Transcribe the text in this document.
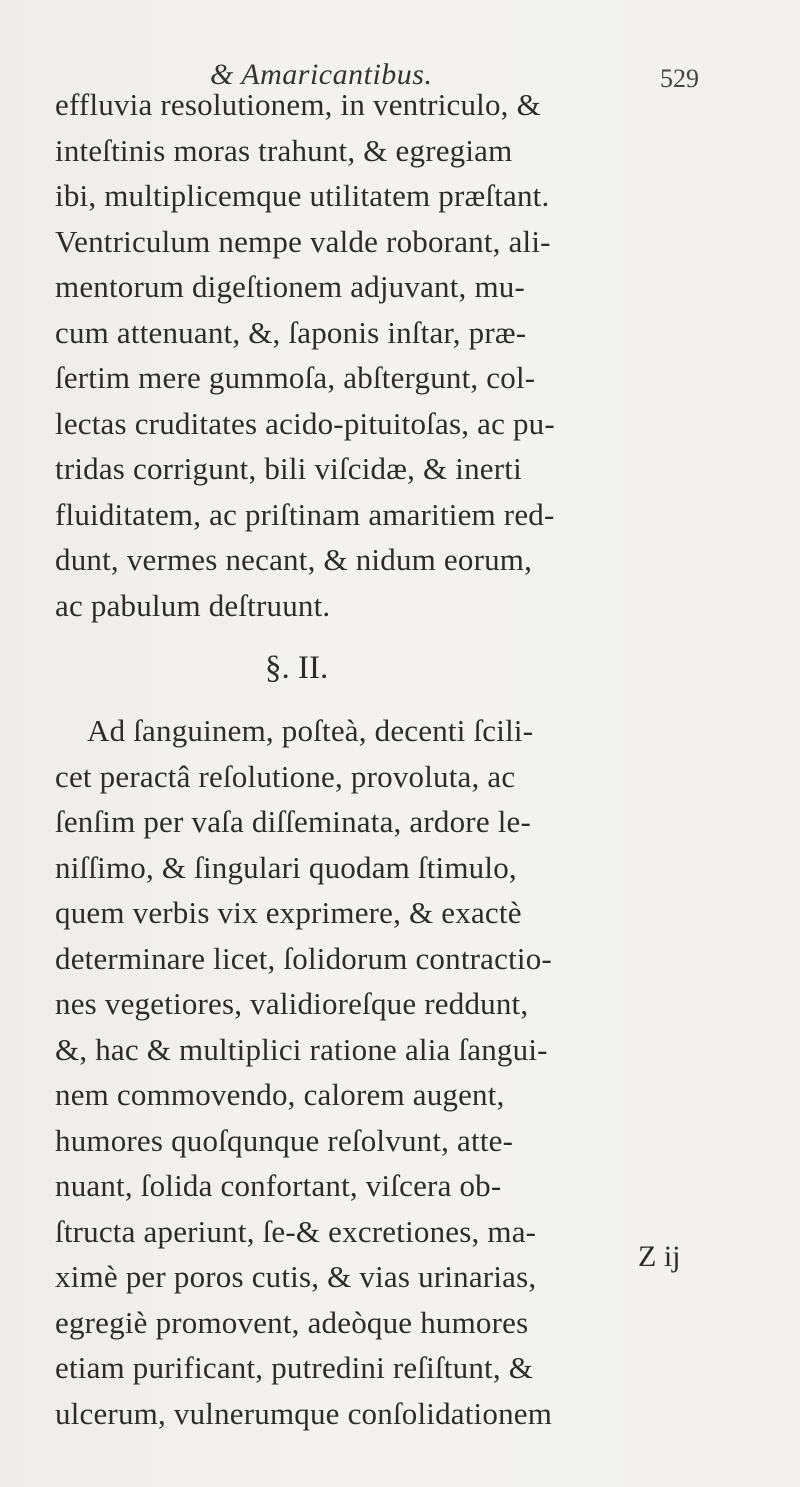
& Amaricantibus.	529
effluvia resolutionem, in ventriculo, &
inteſtinis moras trahunt, & egregiam
ibi, multiplicemque utilitatem præſtant.
Ventriculum nempe valde roborant, ali-
mentorum digeſtionem adjuvant, mu-
cum attenuant, &, ſaponis inſtar, præ-
ſertim mere gummoſa, abſtergunt, col-
lectas cruditates acido-pituitoſas, ac pu-
tridas corrigunt, bili viſcidæ, & inerti
fluiditatem, ac priſtinam amaritiem red-
dunt, vermes necant, & nidum eorum,
ac pabulum deſtruunt.
§. II.
Ad ſanguinem, poſteà, decenti ſcili-
cet peractâ reſolutione, provoluta, ac
ſenſim per vaſa diſſeminata, ardore le-
niſſimo, & ſingulari quodam ſtimulo,
quem verbis vix exprimere, & exactè
determinare licet, ſolidorum contractio-
nes vegetiores, validioreſque reddunt,
&, hac & multiplici ratione alia ſangui-
nem commovendo, calorem augent,
humores quoſqunque reſolvunt, atte-
nuant, ſolida confortant, viſcera ob-
ſtructa aperiunt, ſe-& excretiones, ma-
ximè per poros cutis, & vias urinarias,
egregiè promovent, adeòque humores
etiam purificant, putredini reſiſtunt, &
ulcerum, vulnerumque conſolidationem
Z ij
